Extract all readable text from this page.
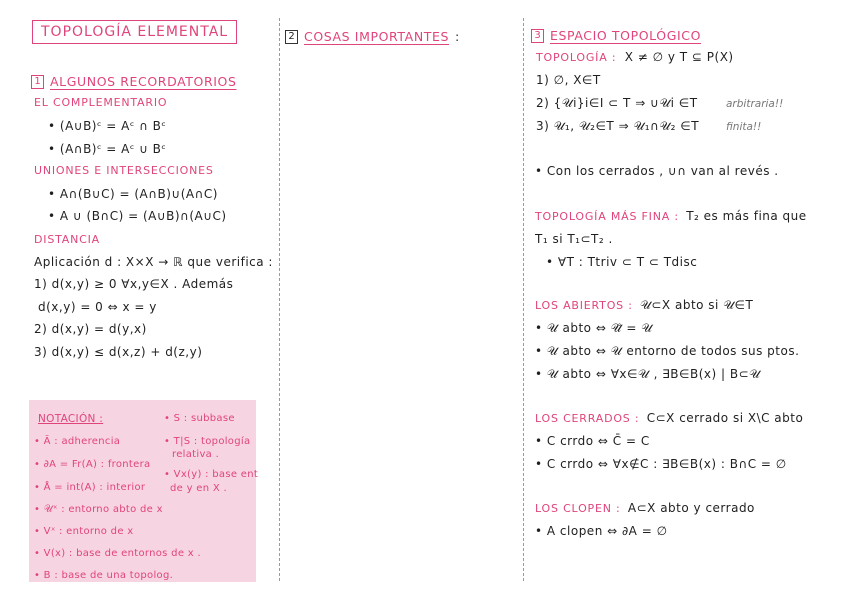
TOPOLOGÍA ELEMENTAL
1 ALGUNOS RECORDATORIOS
EL COMPLEMENTARIO
• (A∪B)ᶜ = Aᶜ ∩ Bᶜ
• (A∩B)ᶜ = Aᶜ ∪ Bᶜ
UNIONES E INTERSECCIONES
• A∩(B∪C) = (A∩B)∪(A∩C)
• A ∪ (B∩C) = (A∪B)∩(A∪C)
DISTANCIA
Aplicación d : X×X → ℝ que verifica :
1) d(x,y) ≥ 0 ∀x,y∈X . Además
d(x,y) = 0 ⇔ x = y
2) d(x,y) = d(y,x)
3) d(x,y) ≤ d(x,z) + d(z,y)
NOTACIÓN :
• Ā : adherencia
• ∂A = Fr(A) : frontera
• Å = int(A) : interior
• 𝒰ˣ : entorno abto de x
• Vˣ : entorno de x
• V(x) : base de entornos de x .
• B : base de una topolog.
• S : subbase
• T|S : topología
relativa .
• Vx(y) : base ent
de y en X .
2 COSAS IMPORTANTES :	3 ESPACIO TOPOLÓGICO
TOPOLOGÍA : X ≠ ∅ y T ⊆ P(X)
1) ∅, X∈T
2) {𝒰i}i∈I ⊂ T ⇒ ∪𝒰i ∈T	arbitraria!!
3) 𝒰₁, 𝒰₂∈T ⇒ 𝒰₁∩𝒰₂ ∈T	finita!!
• Con los cerrados , ∪∩ van al revés .
TOPOLOGÍA MÁS FINA : T₂ es más fina que
T₁ si T₁⊂T₂ .
• ∀T : Ttriv ⊂ T ⊂ Tdisc
LOS ABIERTOS : 𝒰⊂X abto si 𝒰∈T
• 𝒰 abto ⇔ 𝒰̊ = 𝒰
• 𝒰 abto ⇔ 𝒰 entorno de todos sus ptos.
• 𝒰 abto ⇔ ∀x∈𝒰 , ∃B∈B(x) | B⊂𝒰
LOS CERRADOS : C⊂X cerrado si X\C abto
• C crrdo ⇔ C̄ = C
• C crrdo ⇔ ∀x∉C : ∃B∈B(x) : B∩C = ∅
LOS CLOPEN : A⊂X abto y cerrado
• A clopen ⇔ ∂A = ∅
